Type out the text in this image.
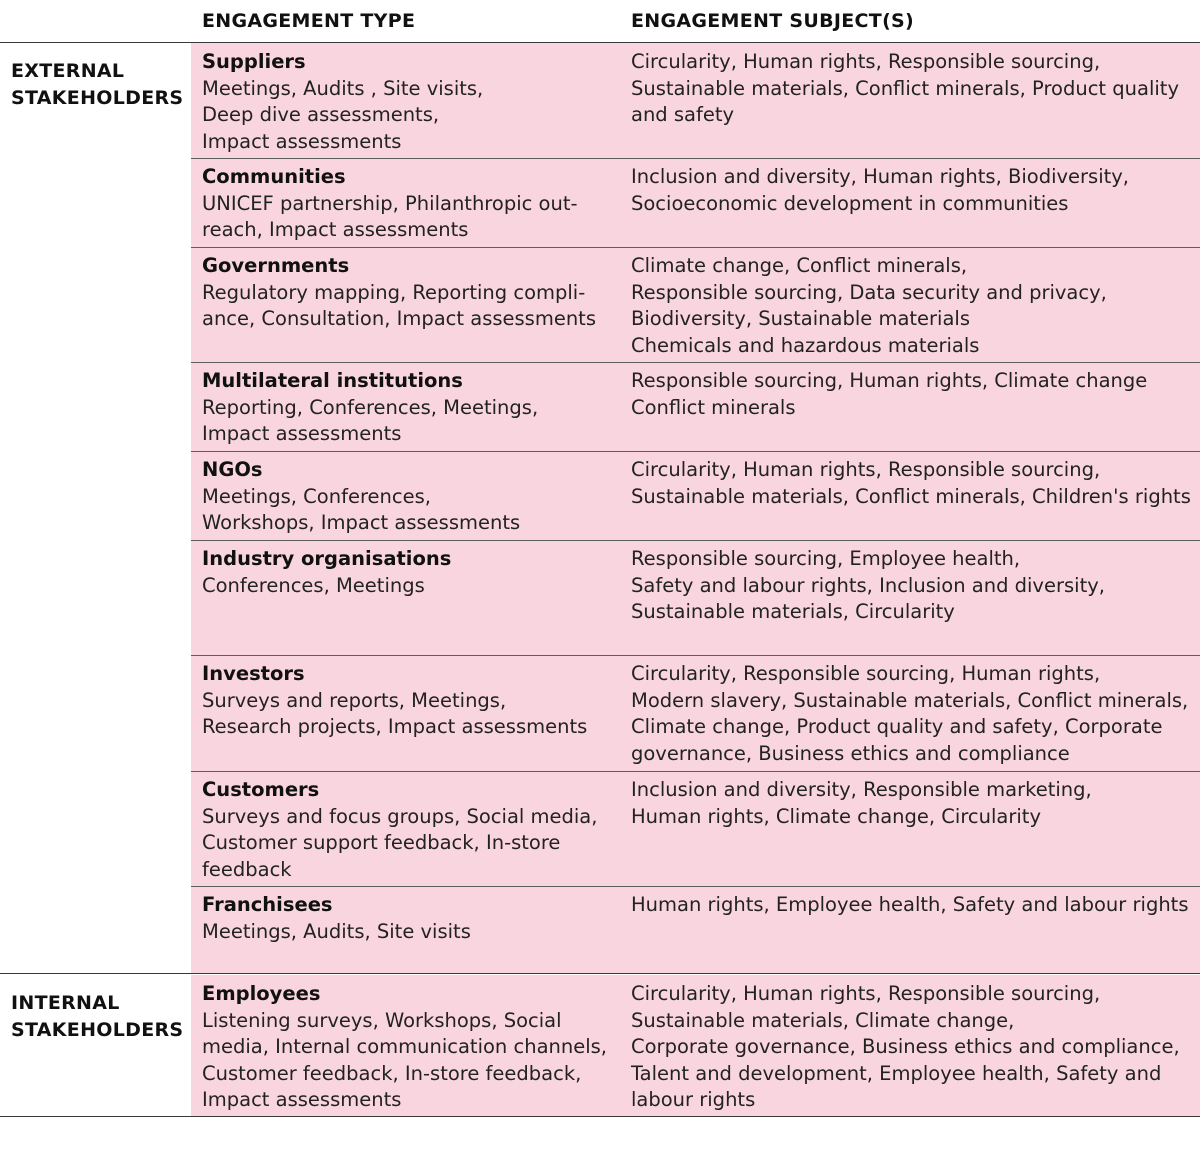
ENGAGEMENT TYPE	ENGAGEMENT SUBJECT(S)
EXTERNAL
STAKEHOLDERS
INTERNAL
STAKEHOLDERS
Suppliers
Meetings, Audits , Site visits,
Deep dive assessments,
Impact assessments
Circularity, Human rights, Responsible sourcing,
Sustainable materials, Conflict minerals, Product quality
and safety
Communities
UNICEF partnership, Philanthropic out-
reach, Impact assessments
Inclusion and diversity, Human rights, Biodiversity,
Socioeconomic development in communities
Governments
Regulatory mapping, Reporting compli-
ance, Consultation, Impact assessments
Climate change, Conflict minerals,
Responsible sourcing, Data security and privacy,
Biodiversity, Sustainable materials
Chemicals and hazardous materials
Multilateral institutions
Reporting, Conferences, Meetings,
Impact assessments
Responsible sourcing, Human rights, Climate change
Conflict minerals
NGOs
Meetings, Conferences,
Workshops, Impact assessments
Circularity, Human rights, Responsible sourcing,
Sustainable materials, Conflict minerals, Children's rights
Industry organisations
Conferences, Meetings
Responsible sourcing, Employee health,
Safety and labour rights, Inclusion and diversity,
Sustainable materials, Circularity
Investors
Surveys and reports, Meetings,
Research projects, Impact assessments
Circularity, Responsible sourcing, Human rights,
Modern slavery, Sustainable materials, Conflict minerals,
Climate change, Product quality and safety, Corporate
governance, Business ethics and compliance
Customers
Surveys and focus groups, Social media,
Customer support feedback, In-store
feedback
Inclusion and diversity, Responsible marketing,
Human rights, Climate change, Circularity
Franchisees
Meetings, Audits, Site visits
Human rights, Employee health, Safety and labour rights
Employees
Listening surveys, Workshops, Social
media, Internal communication channels,
Customer feedback, In-store feedback,
Impact assessments
Circularity, Human rights, Responsible sourcing,
Sustainable materials, Climate change,
Corporate governance, Business ethics and compliance,
Talent and development, Employee health, Safety and
labour rights
